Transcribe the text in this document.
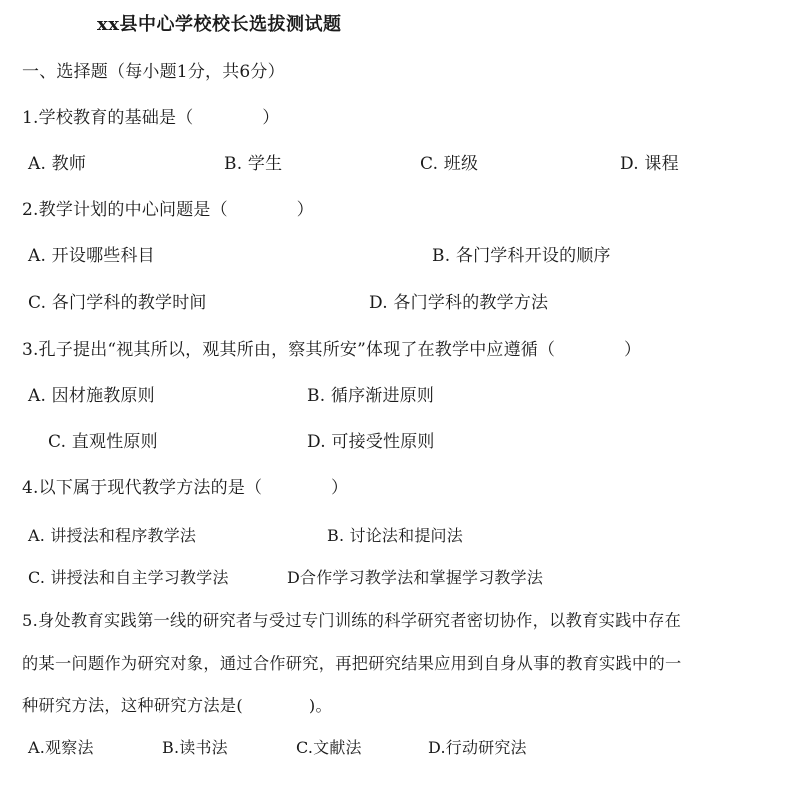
xx县中心学校校长选拔测试题
一、选择题（每小题1分，共6分）
1.学校教育的基础是（　　　　）
A. 教师	B. 学生	C. 班级	D. 课程
2.教学计划的中心问题是（　　　　）
A. 开设哪些科目	B. 各门学科开设的顺序
C. 各门学科的教学时间	D. 各门学科的教学方法
3.孔子提出“视其所以，观其所由，察其所安”体现了在教学中应遵循（　　　　）
A. 因材施教原则	B. 循序渐进原则
C. 直观性原则	D. 可接受性原则
4.以下属于现代教学方法的是（　　　　）
A. 讲授法和程序教学法	B. 讨论法和提问法
C. 讲授法和自主学习教学法	D合作学习教学法和掌握学习教学法
5.身处教育实践第一线的研究者与受过专门训练的科学研究者密切协作，以教育实践中存在
的某一问题作为研究对象，通过合作研究，再把研究结果应用到自身从事的教育实践中的一
种研究方法，这种研究方法是(　　　　)。
A.观察法	B.读书法	C.文献法	D.行动研究法
